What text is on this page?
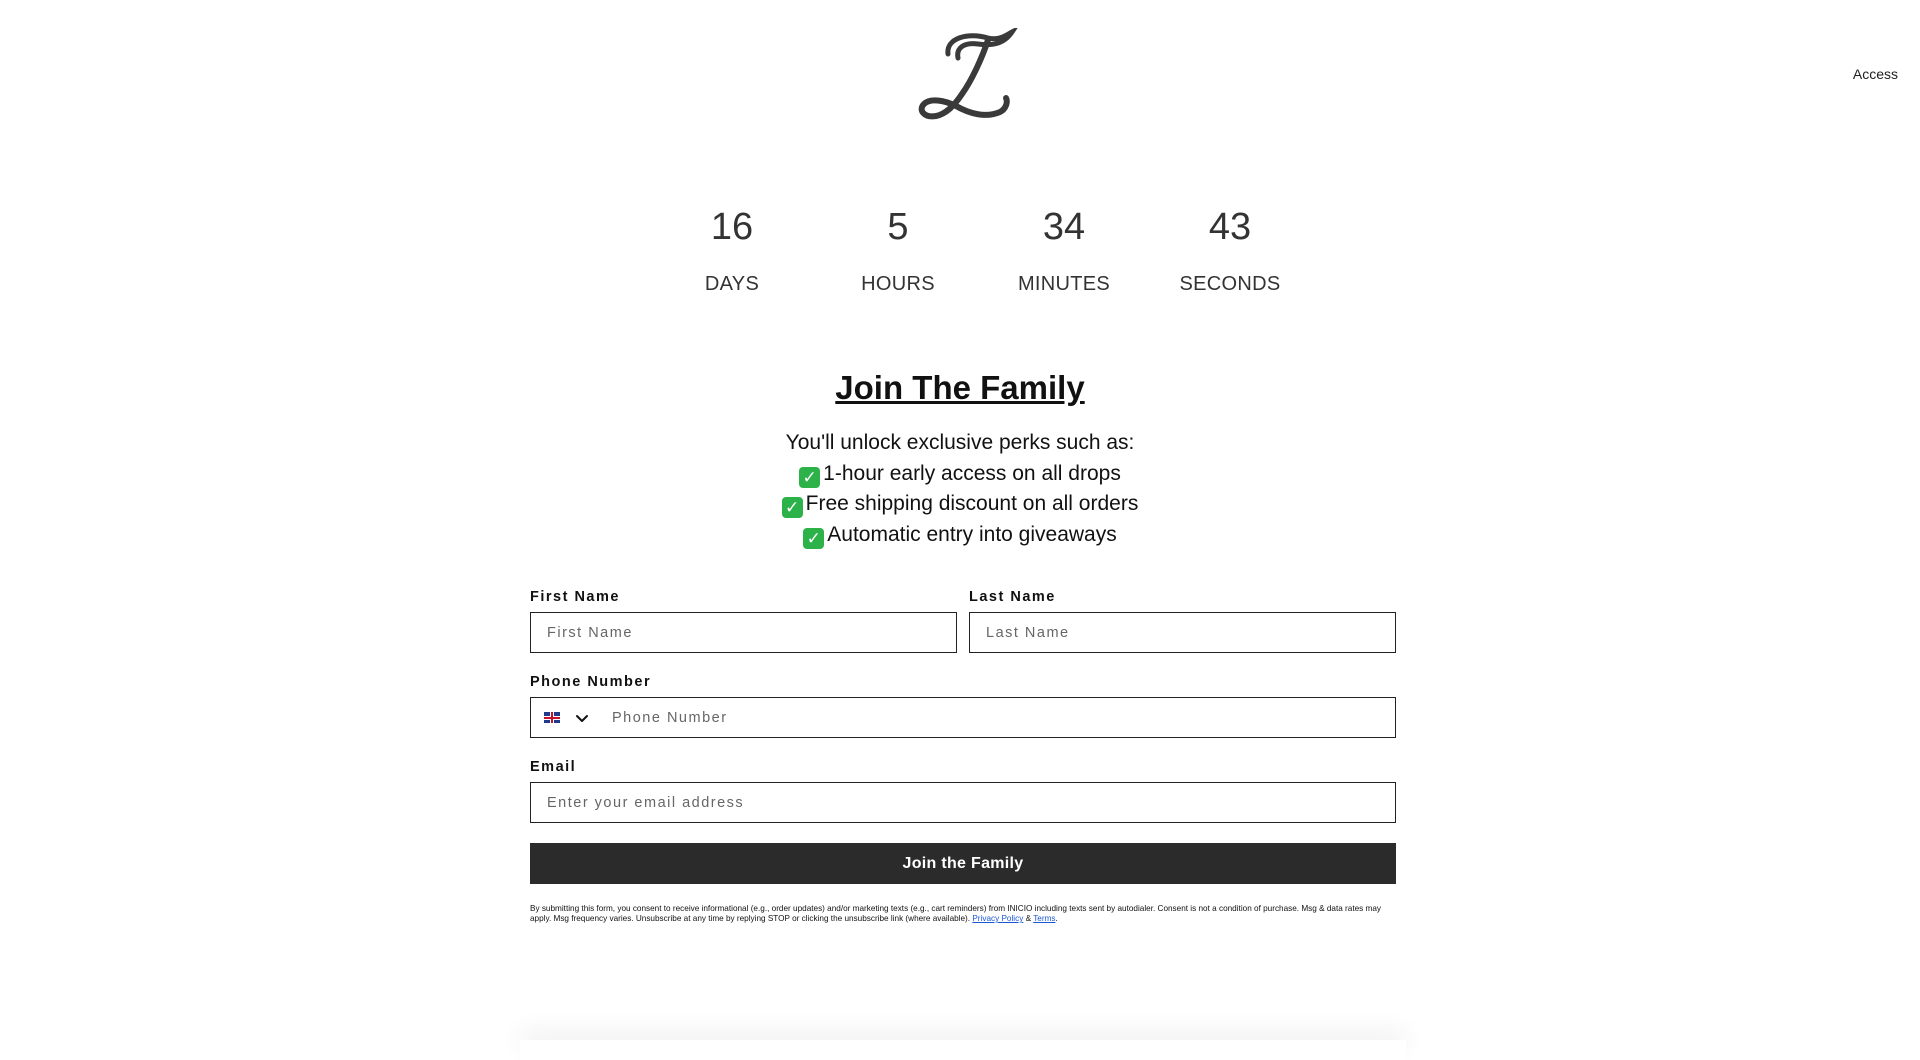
Access
16
DAYS
5
HOURS
34
MINUTES
43
SECONDS
Join The Family
You'll unlock exclusive perks such as:
✓ 1-hour early access on all drops
✓ Free shipping discount on all orders
✓ Automatic entry into giveaways
First Name
First Name	Last Name
Last Name
Phone Number
Phone Number
Email
Enter your email address
Join the Family
By submitting this form, you consent to receive informational (e.g., order updates) and/or marketing texts (e.g., cart reminders) from INICIO including texts sent by autodialer. Consent is not a condition of purchase. Msg & data rates may apply. Msg frequency varies. Unsubscribe at any time by replying STOP or clicking the unsubscribe link (where available). Privacy Policy & Terms.
